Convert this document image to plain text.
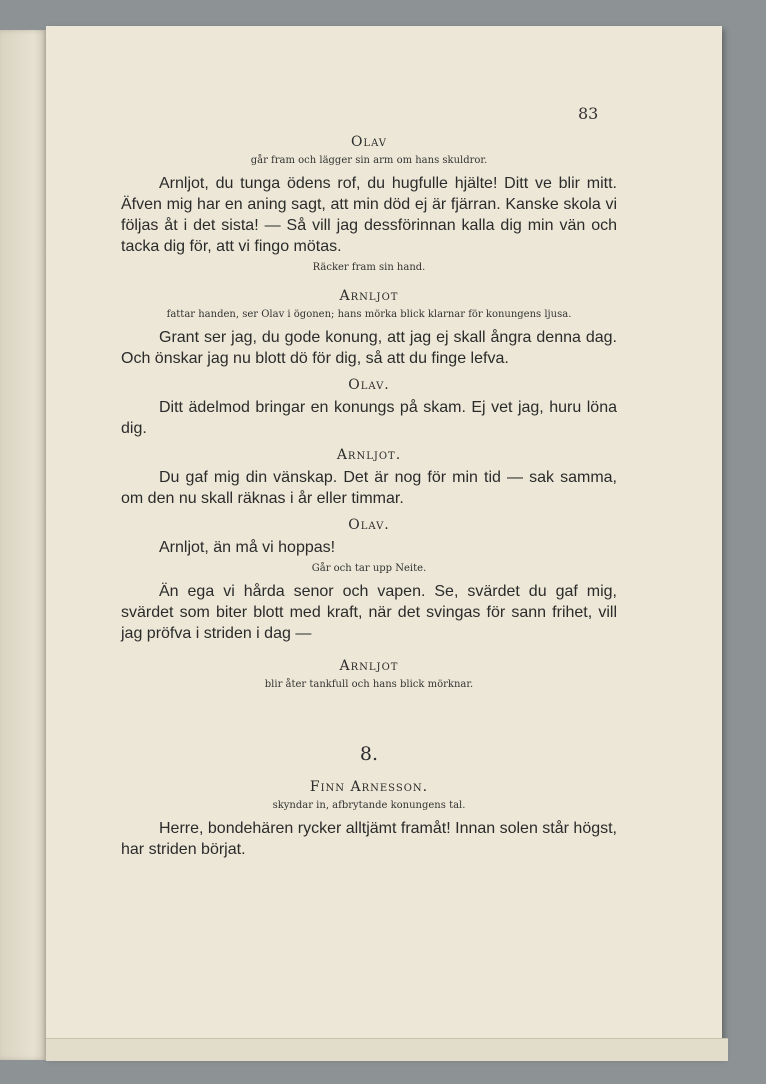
83

Olav

går fram och lägger sin arm om hans skuldror.

Arnljot, du tunga ödens rof, du hugfulle hjälte! Ditt ve blir mitt. Äfven mig har en aning sagt, att min död ej är fjärran. Kanske skola vi följas åt i det sista! — Så vill jag dessförinnan kalla dig min vän och tacka dig för, att vi fingo mötas.

Räcker fram sin hand.

Arnljot

fattar handen, ser Olav i ögonen; hans mörka blick klarnar för konungens ljusa.

Grant ser jag, du gode konung, att jag ej skall ångra denna dag. Och önskar jag nu blott dö för dig, så att du finge lefva.

Olav.

Ditt ädelmod bringar en konungs på skam. Ej vet jag, huru löna dig.

Arnljot.

Du gaf mig din vänskap. Det är nog för min tid — sak samma, om den nu skall räknas i år eller timmar.

Olav.

Arnljot, än må vi hoppas!

Går och tar upp Neite.

Än ega vi hårda senor och vapen. Se, svärdet du gaf mig, svärdet som biter blott med kraft, när det svingas för sann frihet, vill jag pröfva i striden i dag —

Arnljot

blir åter tankfull och hans blick mörknar.

8.

Finn Arnesson.

skyndar in, afbrytande konungens tal.

Herre, bondehären rycker alltjämt framåt! Innan solen står högst, har striden börjat.
